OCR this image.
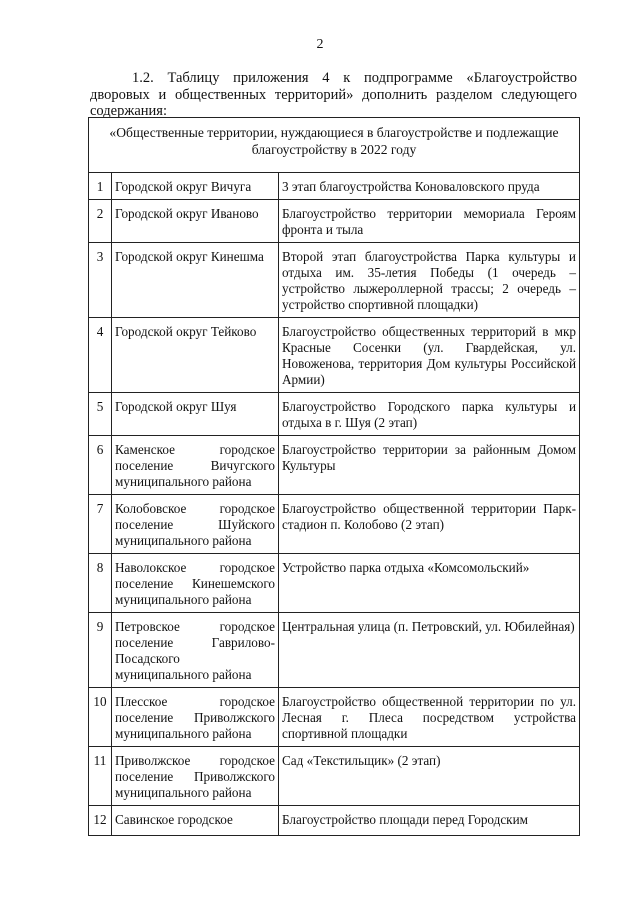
2

1.2. Таблицу приложения 4 к подпрограмме «Благоустройство дворовых и общественных территорий» дополнить разделом следующего содержания:

«Общественные территории, нуждающиеся в благоустройстве и подлежащие благоустройству в 2022 году		
1	Городской округ Вичуга	3 этап благоустройства Коноваловского пруда
2	Городской округ Иваново	Благоустройство территории мемориала Героям фронта и тыла
3	Городской округ Кинешма	Второй этап благоустройства Парка культуры и отдыха им. 35-летия Победы (1 очередь – устройство лыжероллерной трассы; 2 очередь – устройство спортивной площадки)
4	Городской округ Тейково	Благоустройство общественных территорий в мкр Красные Сосенки (ул. Гвардейская, ул. Новоженова, территория Дом культуры Российской Армии)
5	Городской округ Шуя	Благоустройство Городского парка культуры и отдыха в г. Шуя (2 этап)
6	Каменское городское поселение Вичугского муниципального района	Благоустройство территории за районным Домом Культуры
7	Колобовское городское поселение Шуйского муниципального района	Благоустройство общественной территории Парк-стадион п. Колобово (2 этап)
8	Наволокское городское поселение Кинешемского муниципального района	Устройство парка отдыха «Комсомольский»
9	Петровское городское поселение Гаврилово-Посадского муниципального района	Центральная улица (п. Петровский, ул. Юбилейная)
10	Плесское городское поселение Приволжского муниципального района	Благоустройство общественной территории по ул. Лесная г. Плеса посредством устройства спортивной площадки
11	Приволжское городское поселение Приволжского муниципального района	Сад «Текстильщик» (2 этап)
12	Савинское городское	Благоустройство площади перед Городским
